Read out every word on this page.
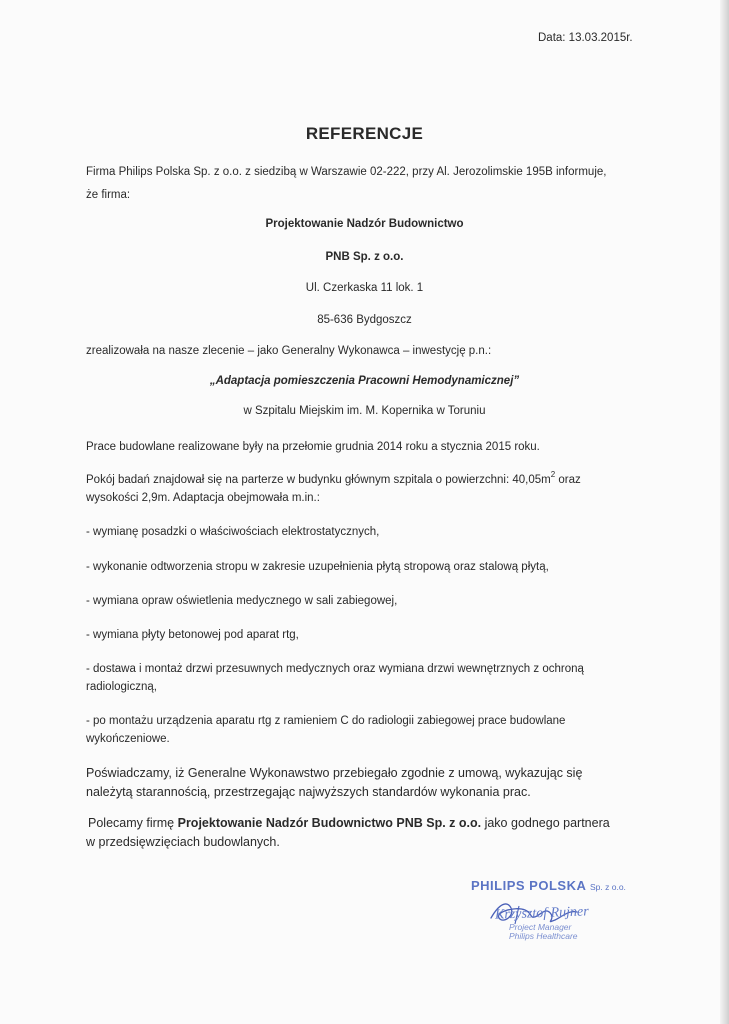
Data: 13.03.2015r.

REFERENCJE

Firma Philips Polska Sp. z o.o. z siedzibą w Warszawie 02-222, przy Al. Jerozolimskie 195B informuje,

że firma:

Projektowanie Nadzór Budownictwo

PNB Sp. z o.o.

Ul. Czerkaska 11 lok. 1

85-636 Bydgoszcz

zrealizowała na nasze zlecenie – jako Generalny Wykonawca – inwestycję p.n.:

„Adaptacja pomieszczenia Pracowni Hemodynamicznej”

w Szpitalu Miejskim im. M. Kopernika w Toruniu

Prace budowlane realizowane były na przełomie grudnia 2014 roku a stycznia 2015 roku.

Pokój badań znajdował się na parterze w budynku głównym szpitala o powierzchni: $40,05m^2$ oraz

wysokości 2,9m. Adaptacja obejmowała m.in.:

- wymianę posadzki o właściwościach elektrostatycznych,

- wykonanie odtworzenia stropu w zakresie uzupełnienia płytą stropową oraz stalową płytą,

- wymiana opraw oświetlenia medycznego w sali zabiegowej,

- wymiana płyty betonowej pod aparat rtg,

- dostawa i montaż drzwi przesuwnych medycznych oraz wymiana drzwi wewnętrznych z ochroną

radiologiczną,

- po montażu urządzenia aparatu rtg z ramieniem C do radiologii zabiegowej prace budowlane

wykończeniowe.

Poświadczamy, iż Generalne Wykonawstwo przebiegało zgodnie z umową, wykazując się

należytą starannością, przestrzegając najwyższych standardów wykonania prac.

Polecamy firmę Projektowanie Nadzór Budownictwo PNB Sp. z o.o. jako godnego partnera

w przedsięwzięciach budowlanych.

PHILIPS POLSKA Sp. z o.o.
Krzysztof Rujner
Project Manager
Philips Healthcare
